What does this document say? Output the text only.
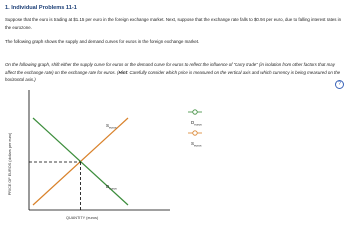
1. Individual Problems 11-1
Suppose that the euro is trading at $1.15 per euro in the foreign exchange market. Next, suppose that the exchange rate falls to $0.94 per euro, due to falling interest rates in the eurozone.
The following graph shows the supply and demand curves for euros in the foreign exchange market.
On the following graph, shift either the supply curve for euros or the demand curve for euros to reflect the influence of "carry trade" (in isolation from other factors that may affect the exchange rate) on the exchange rate for euros. (Hint: Carefully consider which price is measured on the vertical axis and which currency is being measured on the horizontal axis.)
?
$S_{euros}$
$D_{euros}$
$D_{euros}$
$S_{euros}$
PRICE OF EUROS (dollars per euro)
QUANTITY (euros)
